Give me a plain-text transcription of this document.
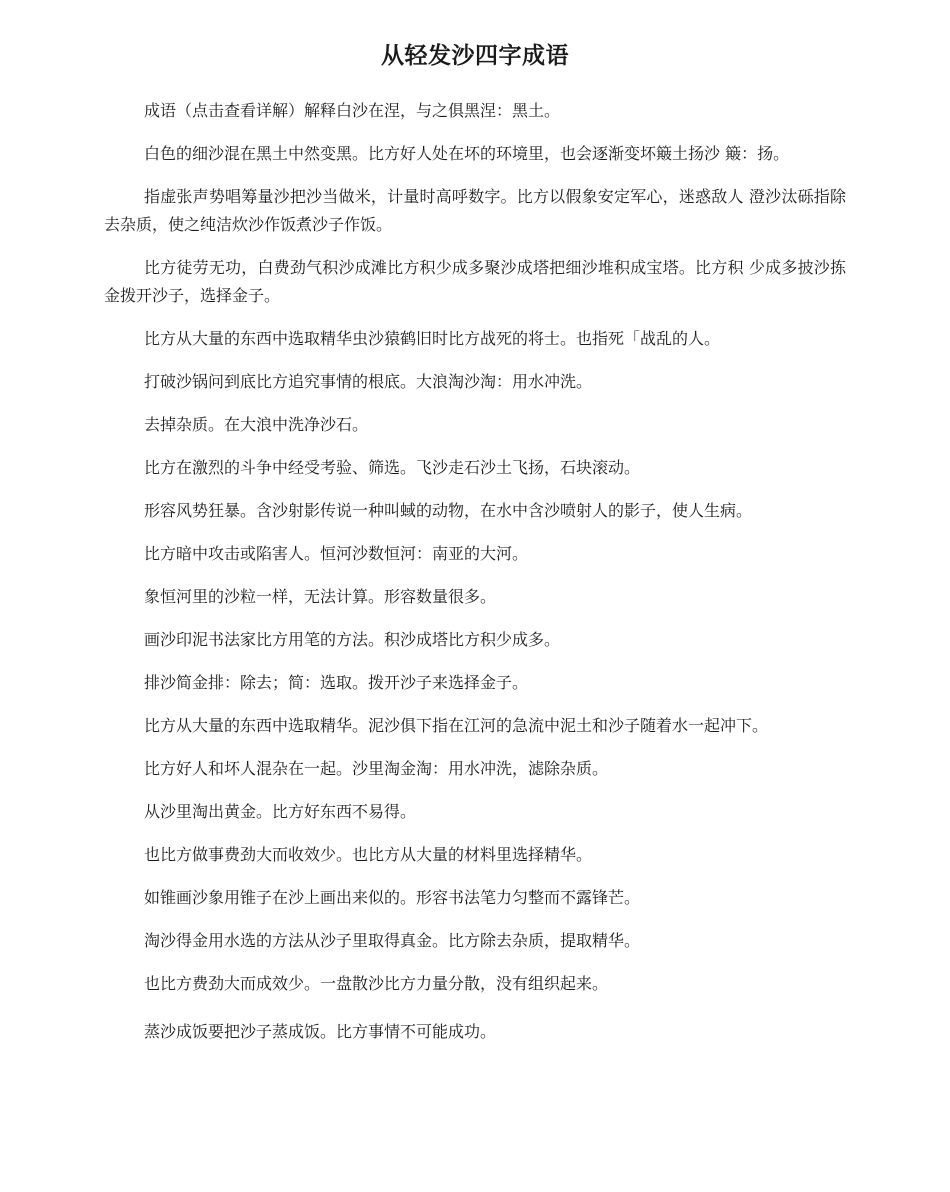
从轻发沙四字成语

成语（点击查看详解）解释白沙在涅，与之俱黑涅：黑土。

白色的细沙混在黑土中然变黑。比方好人处在坏的环境里，也会逐渐变坏簸土扬沙 簸：扬。

指虚张声势唱筹量沙把沙当做米，计量时高呼数字。比方以假象安定军心，迷惑敌人 澄沙汰砾指除去杂质，使之纯洁炊沙作饭煮沙子作饭。

比方徒劳无功，白费劲气积沙成滩比方积少成多聚沙成塔把细沙堆积成宝塔。比方积 少成多披沙拣金拨开沙子，选择金子。

比方从大量的东西中选取精华虫沙猿鹤旧时比方战死的将士。也指死「战乱的人。

打破沙锅问到底比方追究事情的根底。大浪淘沙淘：用水冲洗。

去掉杂质。在大浪中洗净沙石。

比方在激烈的斗争中经受考验、筛选。飞沙走石沙土飞扬，石块滚动。

形容风势狂暴。含沙射影传说一种叫蜮的动物，在水中含沙喷射人的影子，使人生病。

比方暗中攻击或陷害人。恒河沙数恒河：南亚的大河。

象恒河里的沙粒一样，无法计算。形容数量很多。

画沙印泥书法家比方用笔的方法。积沙成塔比方积少成多。

排沙简金排：除去；简：选取。拨开沙子来选择金子。

比方从大量的东西中选取精华。泥沙俱下指在江河的急流中泥土和沙子随着水一起冲下。

比方好人和坏人混杂在一起。沙里淘金淘：用水冲洗，滤除杂质。

从沙里淘出黄金。比方好东西不易得。

也比方做事费劲大而收效少。也比方从大量的材料里选择精华。

如锥画沙象用锥子在沙上画出来似的。形容书法笔力匀整而不露锋芒。

淘沙得金用水选的方法从沙子里取得真金。比方除去杂质，提取精华。

也比方费劲大而成效少。一盘散沙比方力量分散，没有组织起来。

蒸沙成饭要把沙子蒸成饭。比方事情不可能成功。
